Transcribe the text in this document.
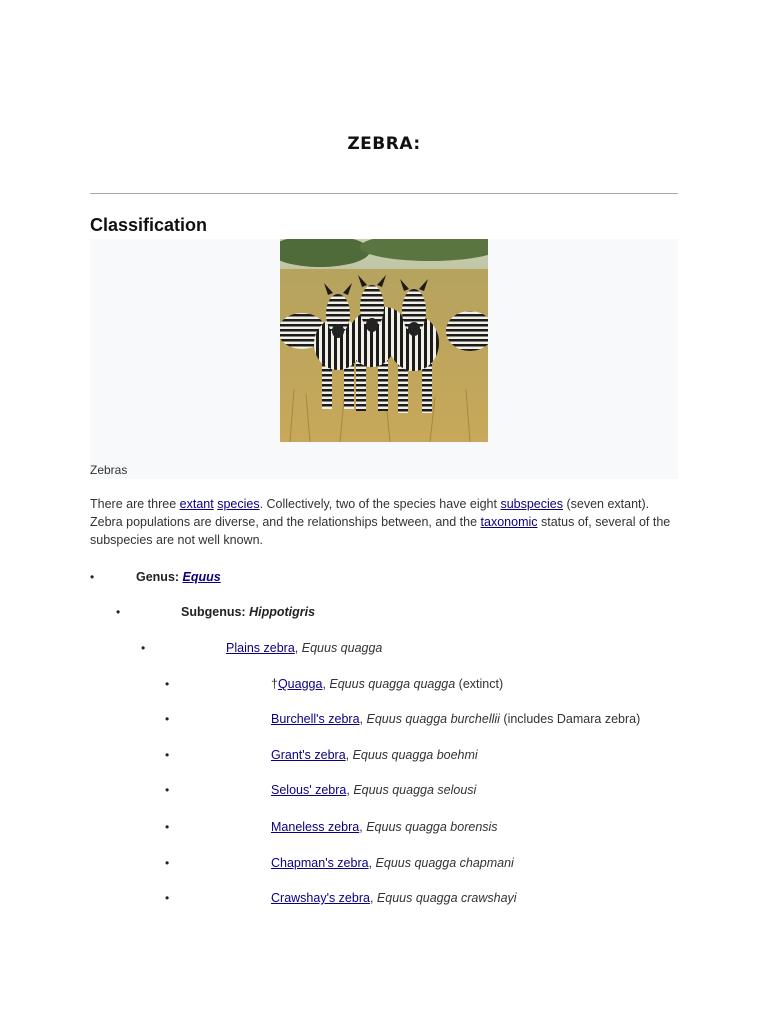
ZEBRA:
Classification
Zebras
There are three extant species. Collectively, two of the species have eight subspecies (seven extant). Zebra populations are diverse, and the relationships between, and the taxonomic status of, several of the subspecies are not well known.
•	Genus: Equus
•	Subgenus: Hippotigris
•	Plains zebra, Equus quagga
•	†Quagga, Equus quagga quagga (extinct)
•	Burchell's zebra, Equus quagga burchellii (includes Damara zebra)
•	Grant's zebra, Equus quagga boehmi
•	Selous' zebra, Equus quagga selousi
•	Maneless zebra, Equus quagga borensis
•	Chapman's zebra, Equus quagga chapmani
•	Crawshay's zebra, Equus quagga crawshayi
